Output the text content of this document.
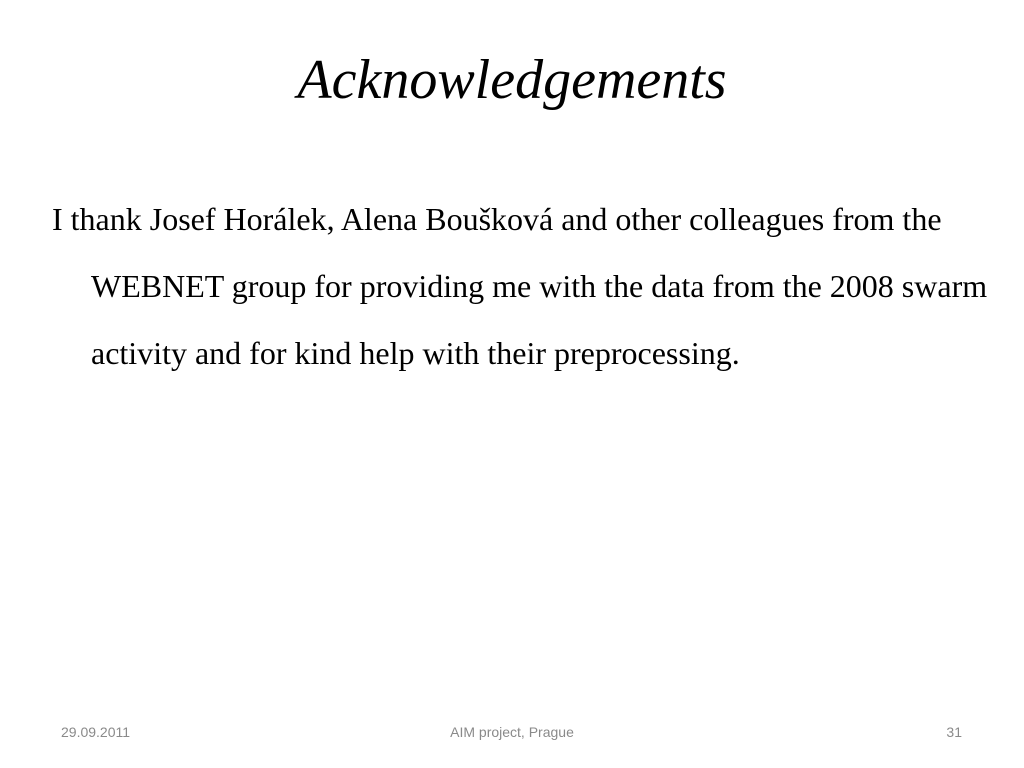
Acknowledgements

I thank Josef Horálek, Alena Boušková and other colleagues from the WEBNET group for providing me with the data from the 2008 swarm activity and for kind help with their preprocessing.

29.09.2011	AIM project, Prague	31
